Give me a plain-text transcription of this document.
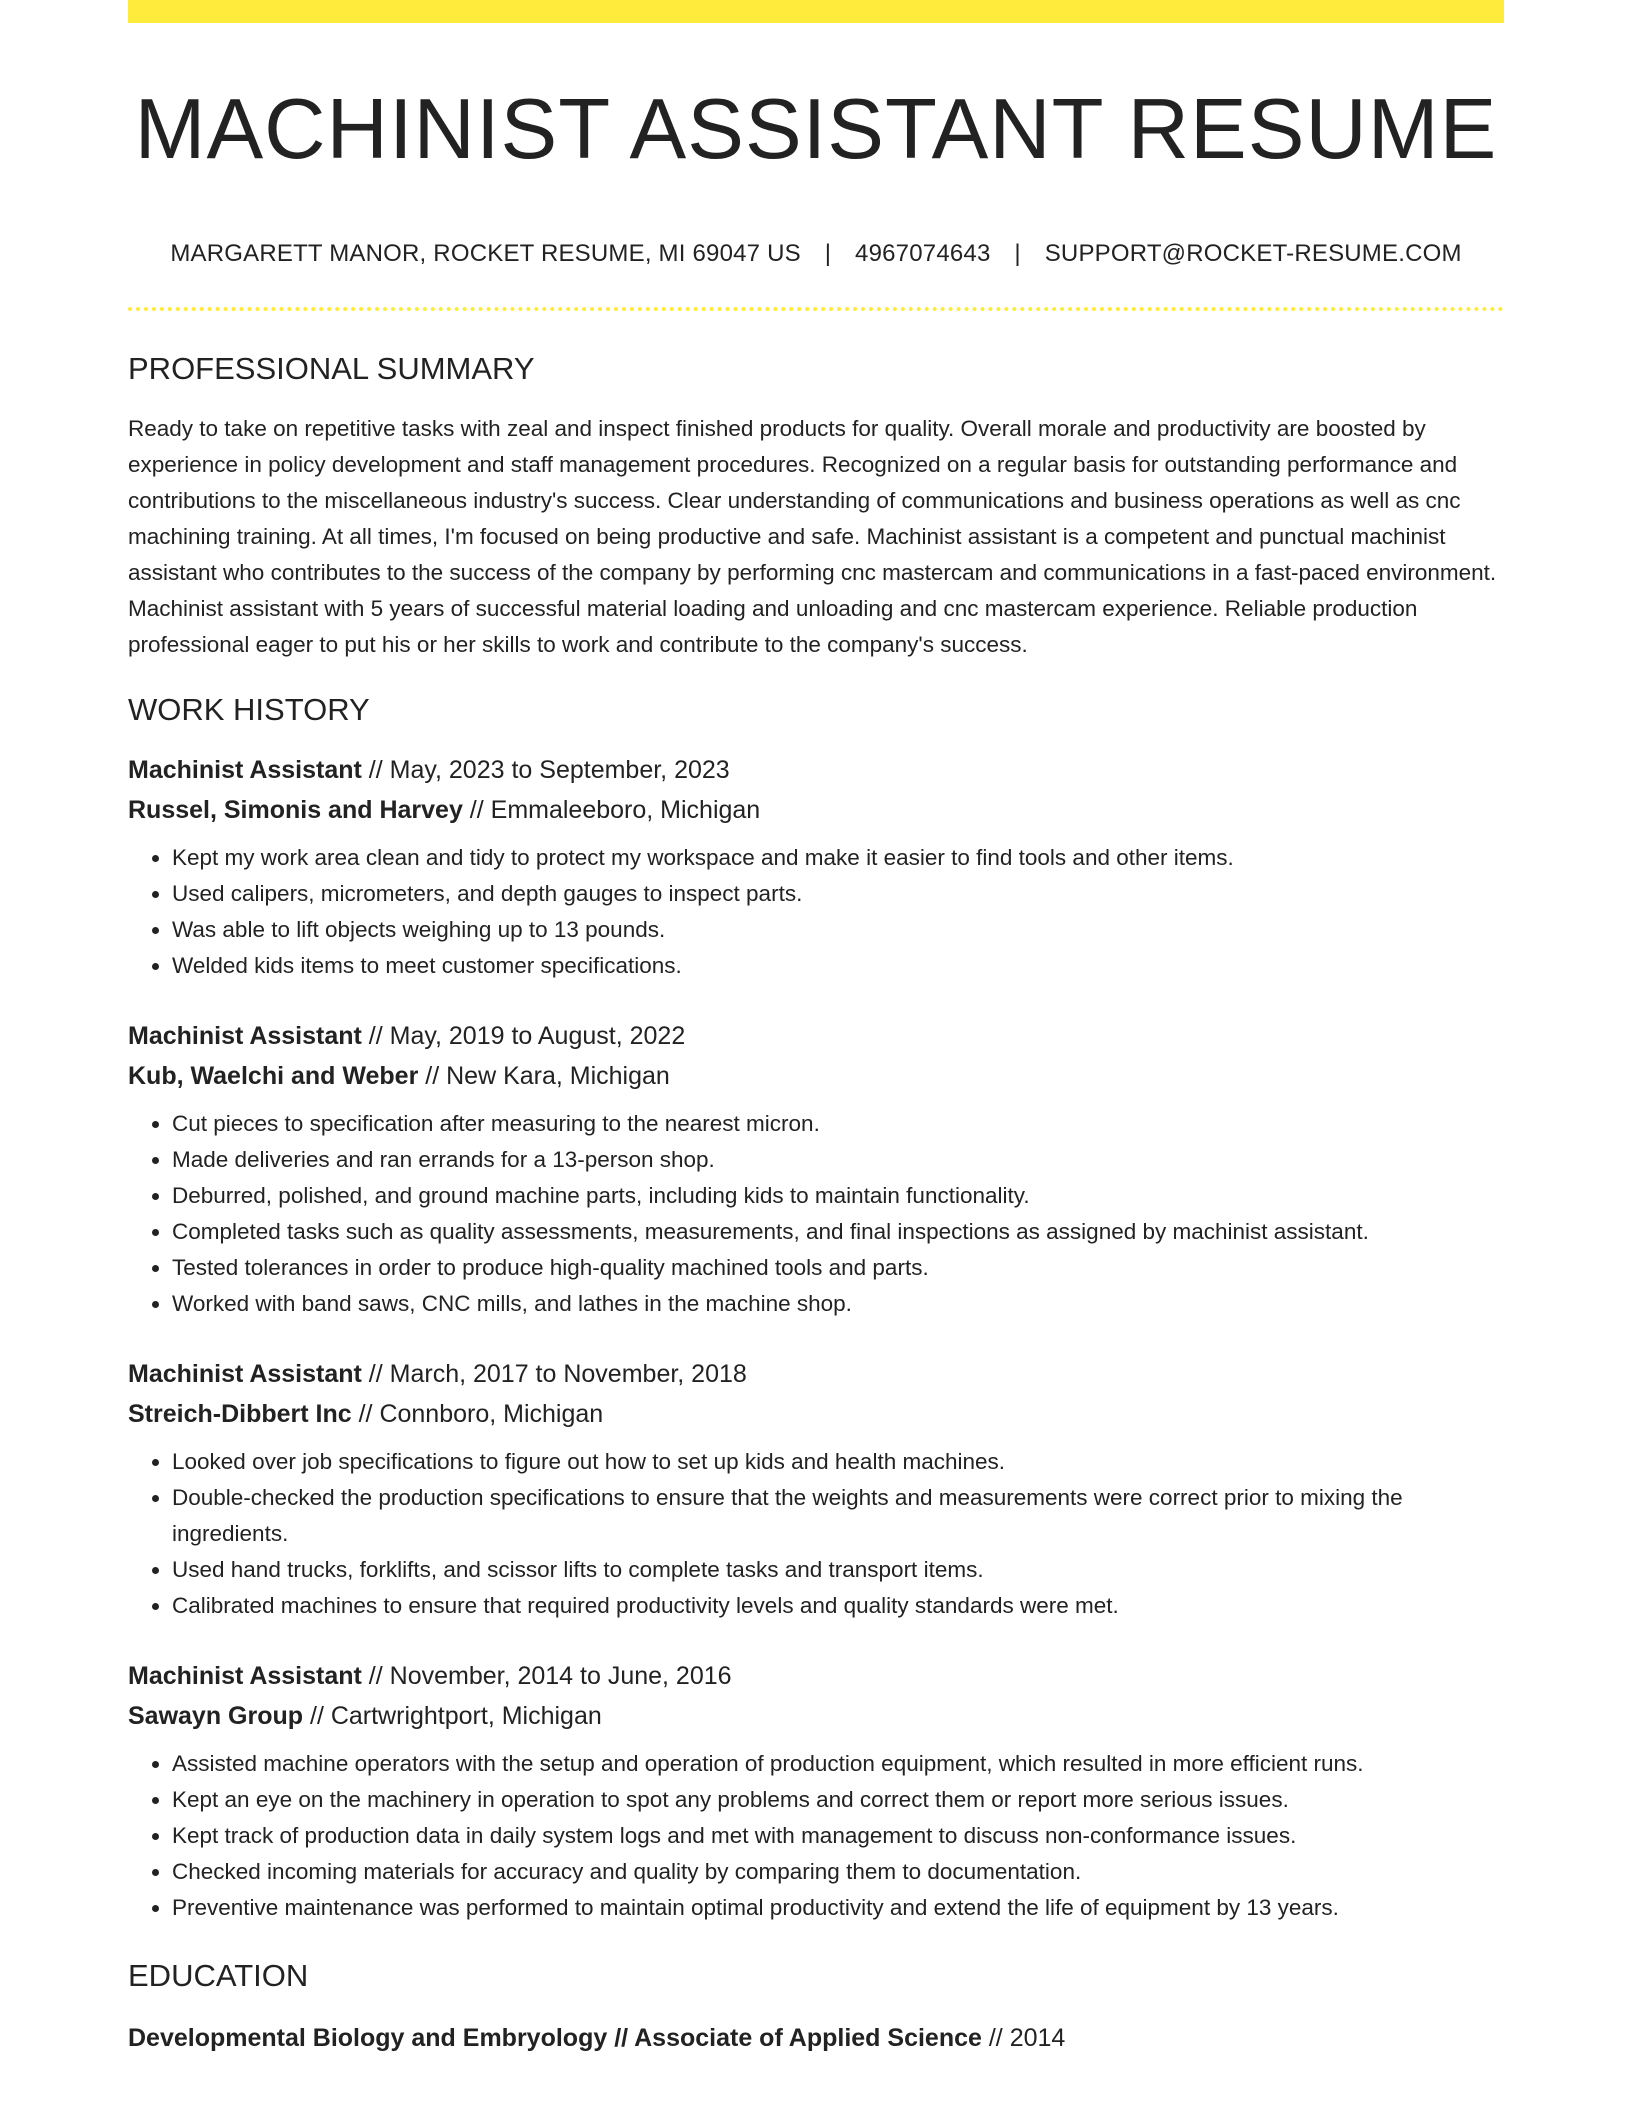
MACHINIST ASSISTANT RESUME
MARGARETT MANOR, ROCKET RESUME, MI 69047 US | 4967074643 | SUPPORT@ROCKET-RESUME.COM
PROFESSIONAL SUMMARY
Ready to take on repetitive tasks with zeal and inspect finished products for quality. Overall morale and productivity are boosted by experience in policy development and staff management procedures. Recognized on a regular basis for outstanding performance and contributions to the miscellaneous industry's success. Clear understanding of communications and business operations as well as cnc machining training. At all times, I'm focused on being productive and safe. Machinist assistant is a competent and punctual machinist assistant who contributes to the success of the company by performing cnc mastercam and communications in a fast-paced environment. Machinist assistant with 5 years of successful material loading and unloading and cnc mastercam experience. Reliable production professional eager to put his or her skills to work and contribute to the company's success.
WORK HISTORY
Machinist Assistant // May, 2023 to September, 2023
Russel, Simonis and Harvey // Emmaleeboro, Michigan
• Kept my work area clean and tidy to protect my workspace and make it easier to find tools and other items.
• Used calipers, micrometers, and depth gauges to inspect parts.
• Was able to lift objects weighing up to 13 pounds.
• Welded kids items to meet customer specifications.
Machinist Assistant // May, 2019 to August, 2022
Kub, Waelchi and Weber // New Kara, Michigan
• Cut pieces to specification after measuring to the nearest micron.
• Made deliveries and ran errands for a 13-person shop.
• Deburred, polished, and ground machine parts, including kids to maintain functionality.
• Completed tasks such as quality assessments, measurements, and final inspections as assigned by machinist assistant.
• Tested tolerances in order to produce high-quality machined tools and parts.
• Worked with band saws, CNC mills, and lathes in the machine shop.
Machinist Assistant // March, 2017 to November, 2018
Streich-Dibbert Inc // Connboro, Michigan
• Looked over job specifications to figure out how to set up kids and health machines.
• Double-checked the production specifications to ensure that the weights and measurements were correct prior to mixing the ingredients.
• Used hand trucks, forklifts, and scissor lifts to complete tasks and transport items.
• Calibrated machines to ensure that required productivity levels and quality standards were met.
Machinist Assistant // November, 2014 to June, 2016
Sawayn Group // Cartwrightport, Michigan
• Assisted machine operators with the setup and operation of production equipment, which resulted in more efficient runs.
• Kept an eye on the machinery in operation to spot any problems and correct them or report more serious issues.
• Kept track of production data in daily system logs and met with management to discuss non-conformance issues.
• Checked incoming materials for accuracy and quality by comparing them to documentation.
• Preventive maintenance was performed to maintain optimal productivity and extend the life of equipment by 13 years.
EDUCATION
Developmental Biology and Embryology // Associate of Applied Science // 2014
